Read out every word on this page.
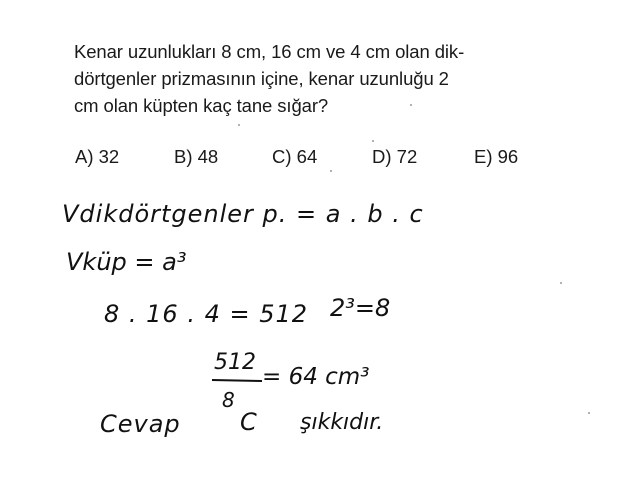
Kenar uzunlukları 8 cm, 16 cm ve 4 cm olan dik-
dörtgenler prizmasının içine, kenar uzunluğu 2
cm olan küpten kaç tane sığar?
A) 32	B) 48	C) 64	D) 72	E) 96
Vdikdörtgenler p. = a . b . c
Vküp = a³
8 . 16 . 4 = 512 2³=8
512
8
= 64 cm³
Cevap C şıkkıdır.
